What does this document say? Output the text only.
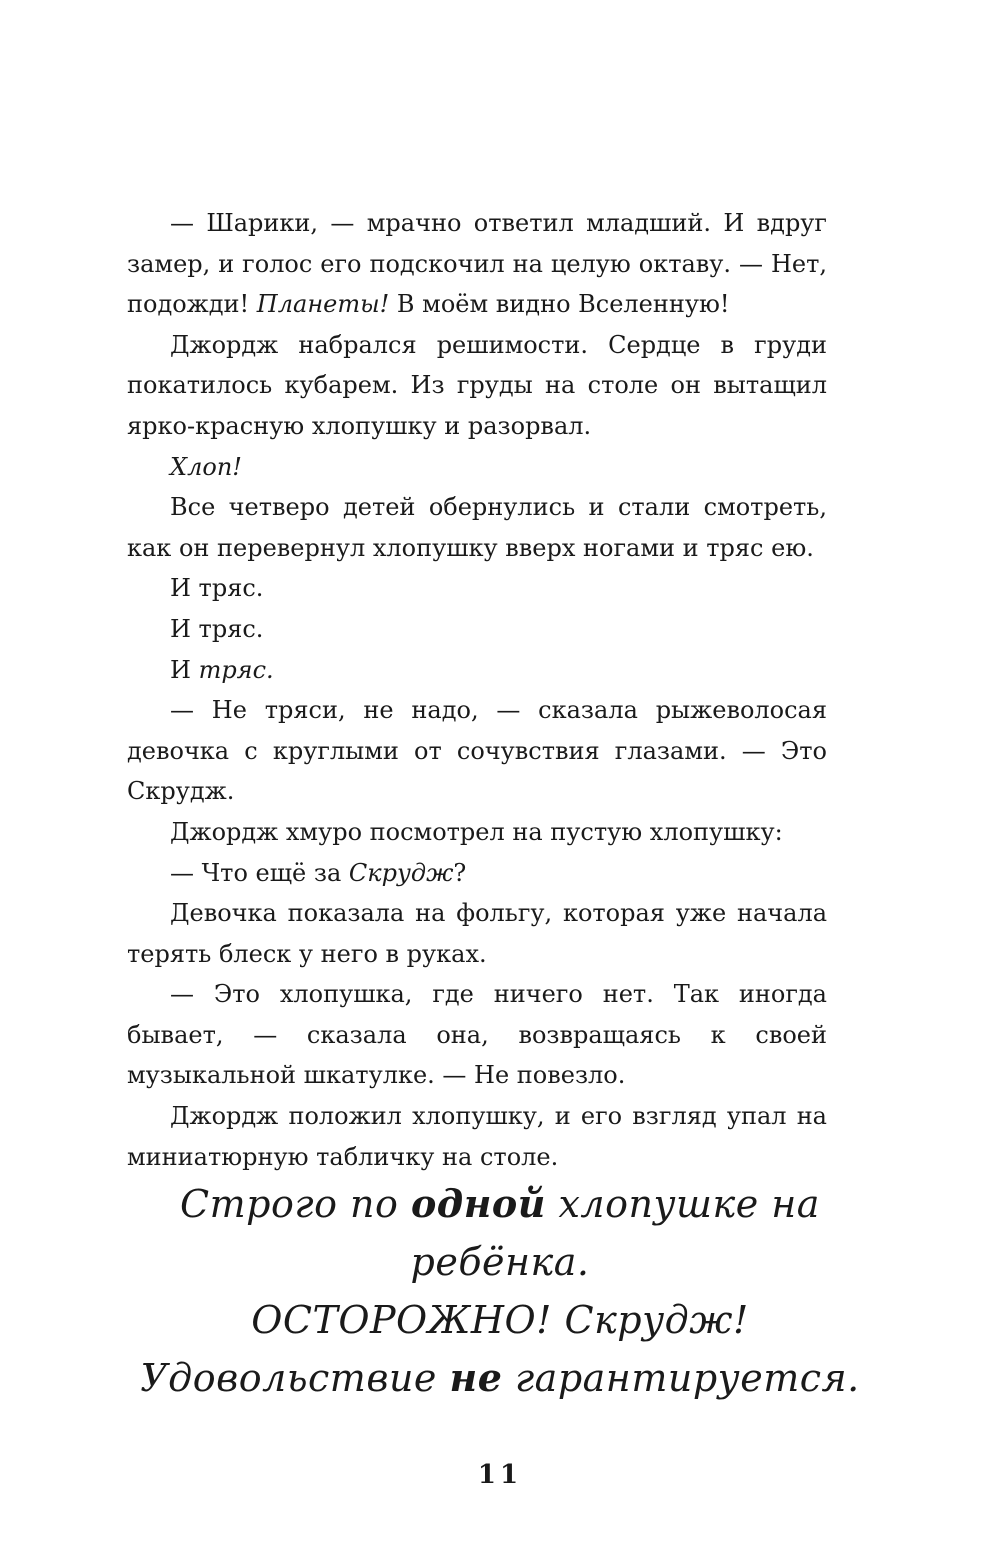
— Шарики, — мрачно ответил младший. И вдруг замер, и голос его подскочил на целую октаву. — Нет, подожди! Планеты! В моём видно Вселенную!

Джордж набрался решимости. Сердце в груди покатилось кубарем. Из груды на столе он вытащил ярко-красную хлопушку и разорвал.

Хлоп!

Все четверо детей обернулись и стали смотреть, как он перевернул хлопушку вверх ногами и тряс ею.

И тряс.

И тряс.

И тряс.

— Не тряси, не надо, — сказала рыжеволосая девочка с круглыми от сочувствия глазами. — Это Скрудж.

Джордж хмуро посмотрел на пустую хлопушку:

— Что ещё за Скрудж?

Девочка показала на фольгу, которая уже начала терять блеск у него в руках.

— Это хлопушка, где ничего нет. Так иногда бывает, — сказала она, возвращаясь к своей музыкальной шкатулке. — Не повезло.

Джордж положил хлопушку, и его взгляд упал на миниатюрную табличку на столе.

Строго по одной хлопушке на ребёнка.
ОСТОРОЖНО! Скрудж!
Удовольствие не гарантируется.
11
